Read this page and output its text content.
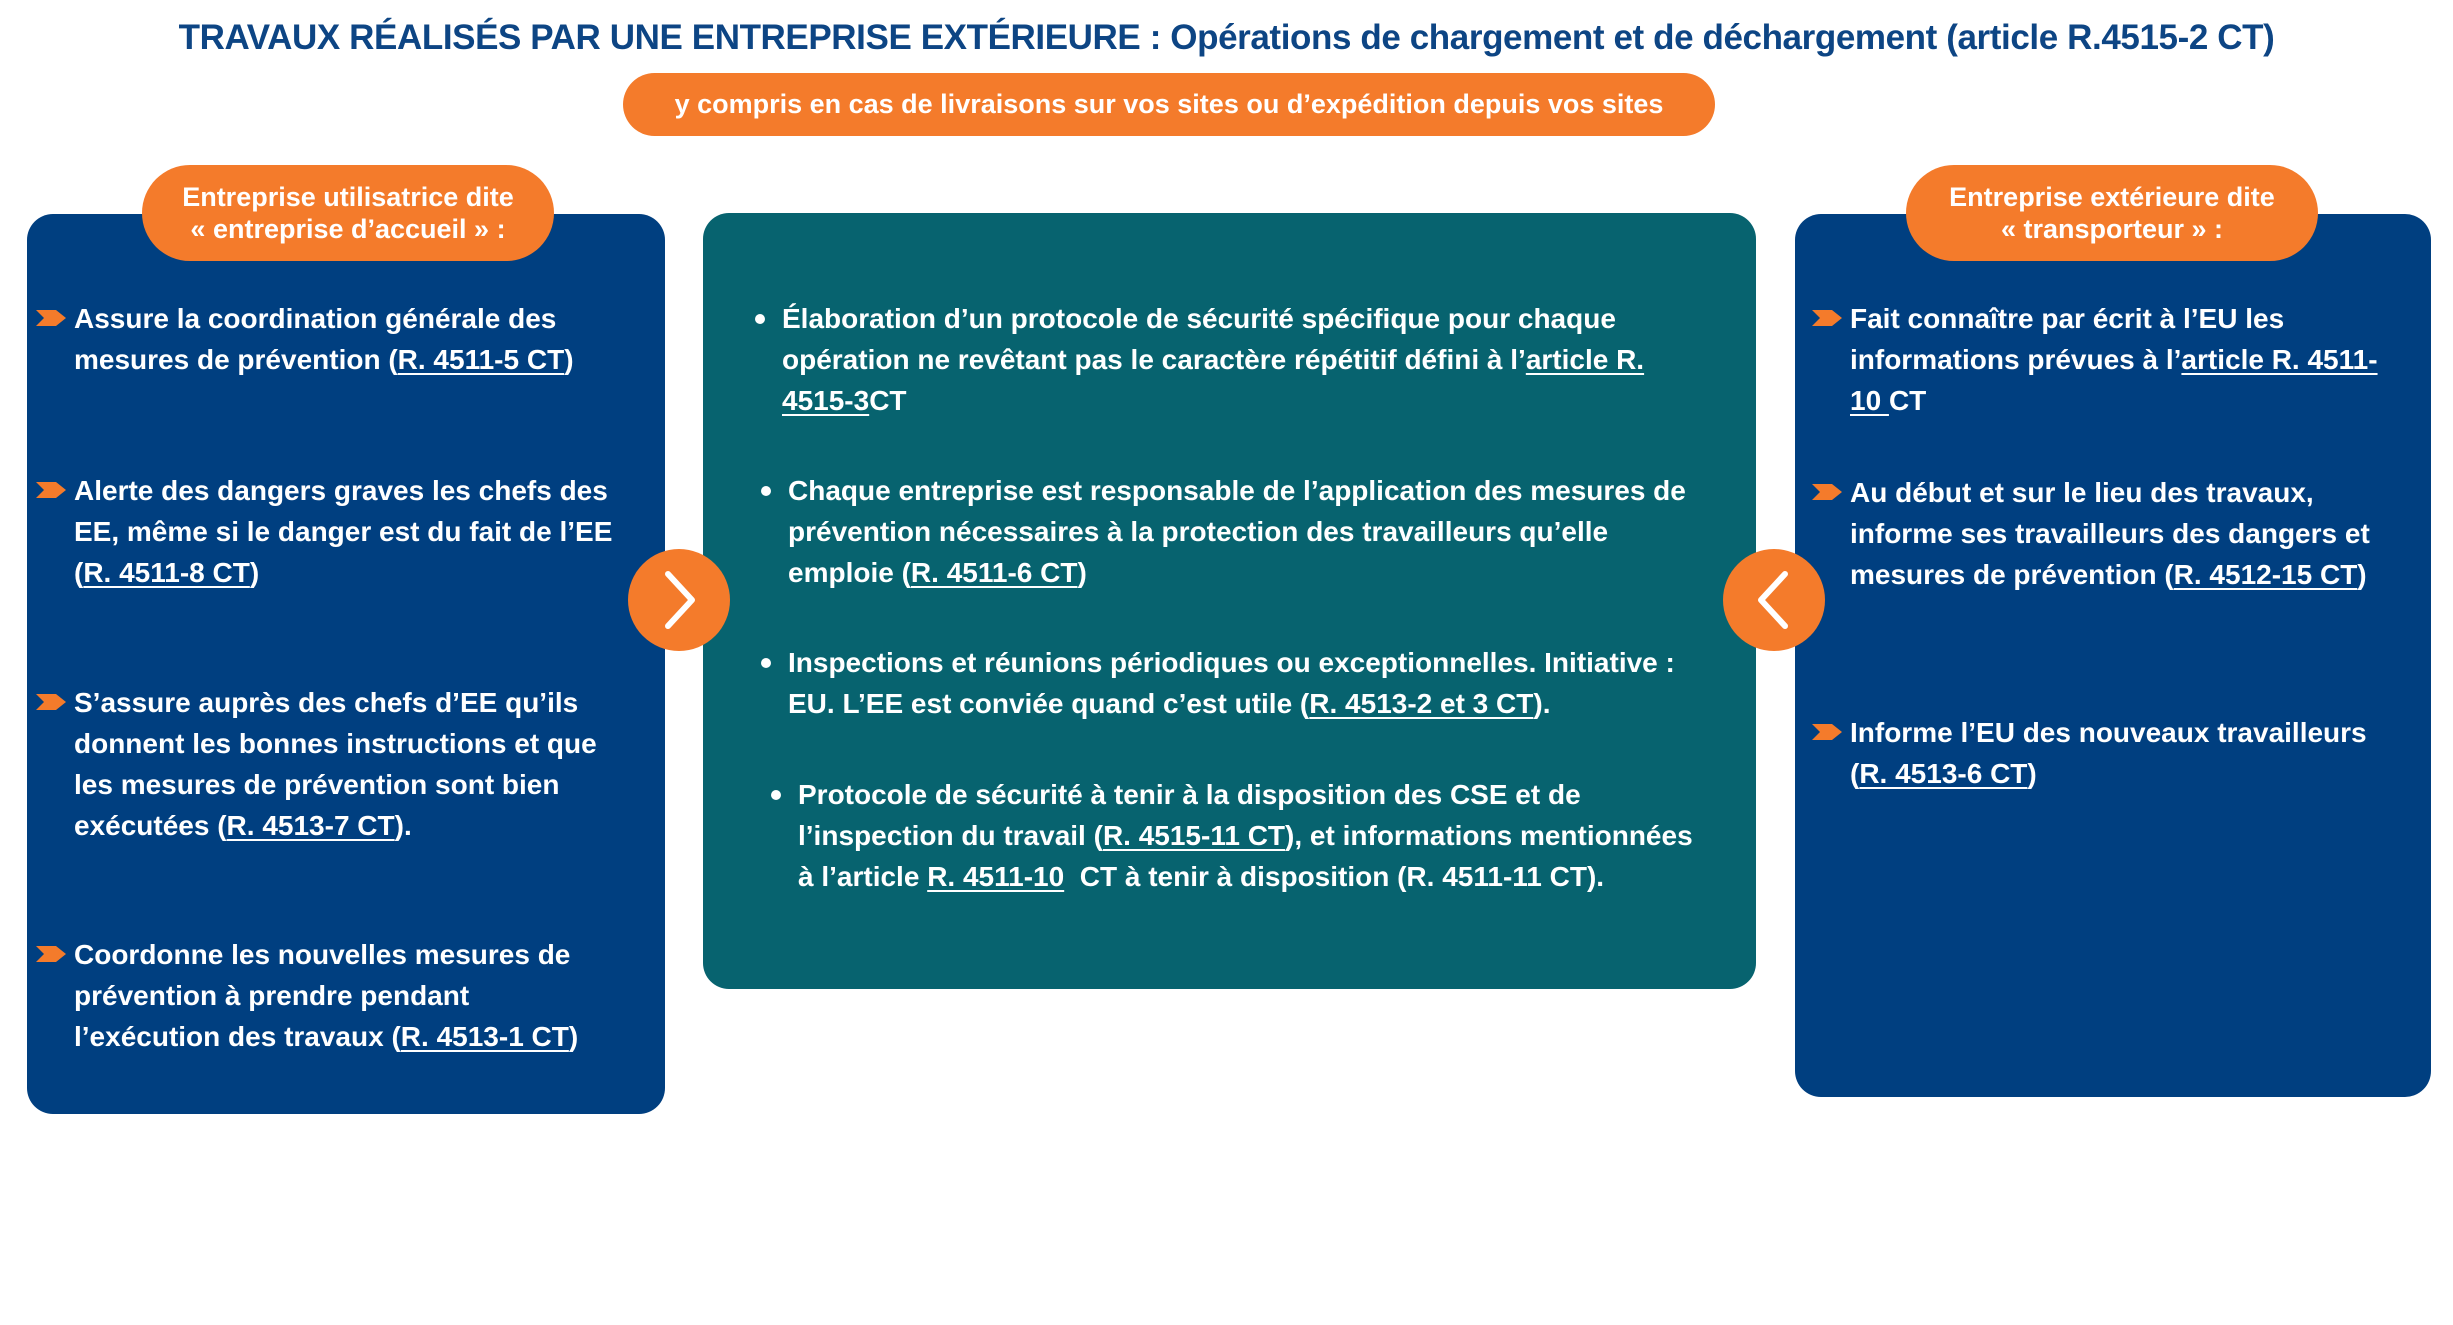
TRAVAUX RÉALISÉS PAR UNE ENTREPRISE EXTÉRIEURE : Opérations de chargement et de déchargement (article R.4515-2 CT)
y compris en cas de livraisons sur vos sites ou d’expédition depuis vos sites
Entreprise utilisatrice dite
« entreprise d’accueil » :
Entreprise extérieure dite
« transporteur » :
Assure la coordination générale des
mesures de prévention (R. 4511-5 CT)
Alerte des dangers graves les chefs des
EE, même si le danger est du fait de l’EE
(R. 4511-8 CT)
S’assure auprès des chefs d’EE qu’ils
donnent les bonnes instructions et que
les mesures de prévention sont bien
exécutées (R. 4513-7 CT).
Coordonne les nouvelles mesures de
prévention à prendre pendant
l’exécution des travaux (R. 4513-1 CT)
Élaboration d’un protocole de sécurité spécifique pour chaque
opération ne revêtant pas le caractère répétitif défini à l’article R.
4515-3CT
Chaque entreprise est responsable de l’application des mesures de
prévention nécessaires à la protection des travailleurs qu’elle
emploie (R. 4511-6 CT)
Inspections et réunions périodiques ou exceptionnelles. Initiative :
EU. L’EE est conviée quand c’est utile (R. 4513-2 et 3 CT).
Protocole de sécurité à tenir à la disposition des CSE et de
l’inspection du travail (R. 4515-11 CT), et informations mentionnées
à l’article R. 4511-10  CT à tenir à disposition (R. 4511-11 CT).
Fait connaître par écrit à l’EU les
informations prévues à l’article R. 4511-
10 CT
Au début et sur le lieu des travaux,
informe ses travailleurs des dangers et
mesures de prévention (R. 4512-15 CT)
Informe l’EU des nouveaux travailleurs
(R. 4513-6 CT)
